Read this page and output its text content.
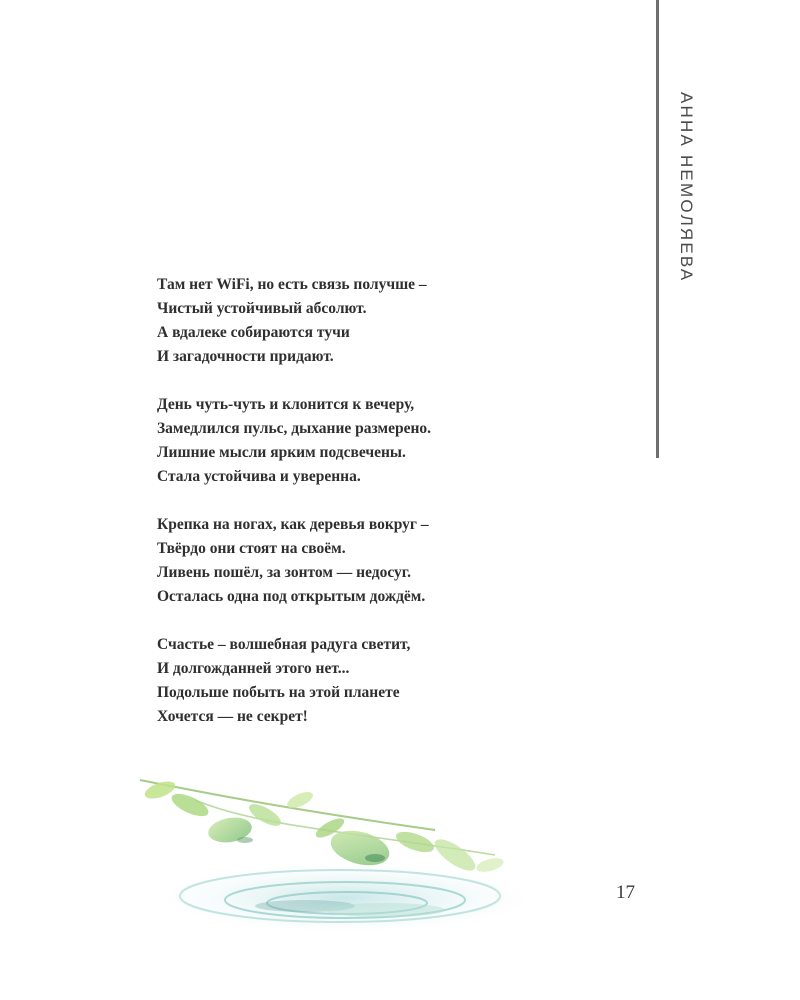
АННА НЕМОЛЯЕВА
Там нет WiFi, но есть связь получше –
Чистый устойчивый абсолют.
А вдалеке собираются тучи
И загадочности придают.
День чуть-чуть и клонится к вечеру,
Замедлился пульс, дыхание размерено.
Лишние мысли ярким подсвечены.
Стала устойчива и уверенна.
Крепка на ногах, как деревья вокруг –
Твёрдо они стоят на своём.
Ливень пошёл, за зонтом — недосуг.
Осталась одна под открытым дождём.
Счастье – волшебная радуга светит,
И долгожданней этого нет...
Подольше побыть на этой планете
Хочется — не секрет!
17
